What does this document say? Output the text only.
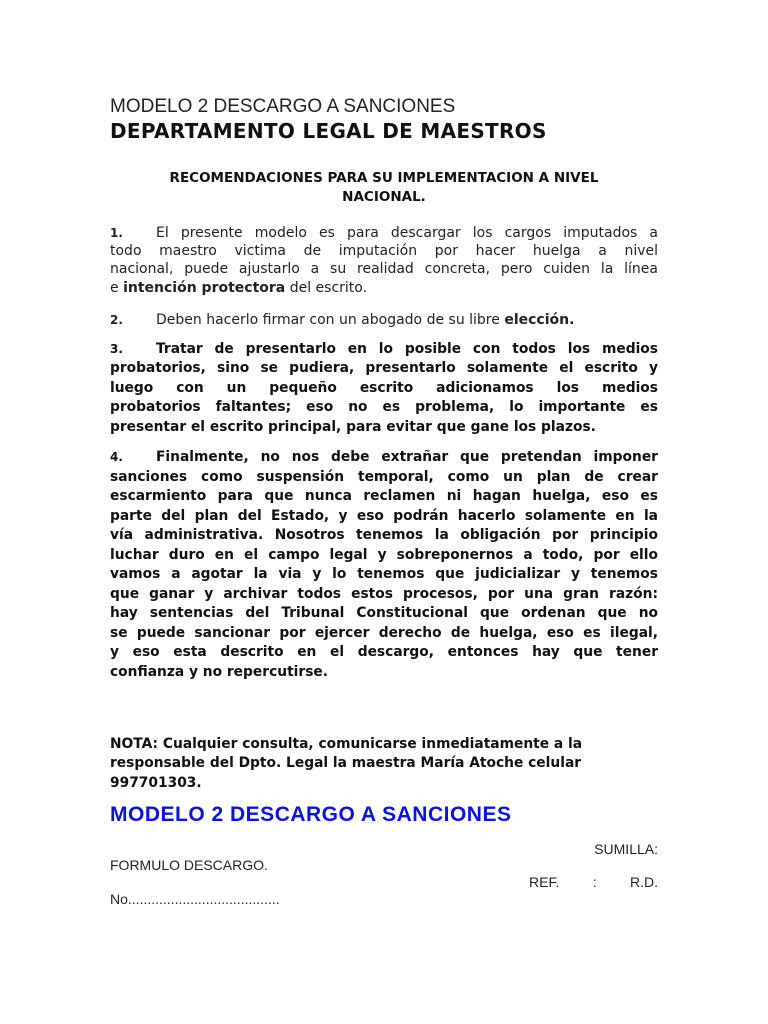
MODELO 2 DESCARGO A SANCIONES
DEPARTAMENTO LEGAL DE MAESTROS
RECOMENDACIONES PARA SU IMPLEMENTACION A NIVEL
NACIONAL.
1. El presente modelo es para descargar los cargos imputados a
todo maestro victima de imputación por hacer huelga a nivel
nacional, puede ajustarlo a su realidad concreta, pero cuiden la línea
e intención protectora del escrito.
2. Deben hacerlo firmar con un abogado de su libre elección.
3. Tratar de presentarlo en lo posible con todos los medios
probatorios, sino se pudiera, presentarlo solamente el escrito y
luego con un pequeño escrito adicionamos los medios
probatorios faltantes; eso no es problema, lo importante es
presentar el escrito principal, para evitar que gane los plazos.
4. Finalmente, no nos debe extrañar que pretendan imponer
sanciones como suspensión temporal, como un plan de crear
escarmiento para que nunca reclamen ni hagan huelga, eso es
parte del plan del Estado, y eso podrán hacerlo solamente en la
vía administrativa. Nosotros tenemos la obligación por principio
luchar duro en el campo legal y sobreponernos a todo, por ello
vamos a agotar la via y lo tenemos que judicializar y tenemos
que ganar y archivar todos estos procesos, por una gran razón:
hay sentencias del Tribunal Constitucional que ordenan que no
se puede sancionar por ejercer derecho de huelga, eso es ilegal,
y eso esta descrito en el descargo, entonces hay que tener
confianza y no repercutirse.
NOTA: Cualquier consulta, comunicarse inmediatamente a la
responsable del Dpto. Legal la maestra María Atoche celular
997701303.
MODELO 2 DESCARGO A SANCIONES
SUMILLA:
FORMULO DESCARGO.
REF. : R.D.
No.......................................
